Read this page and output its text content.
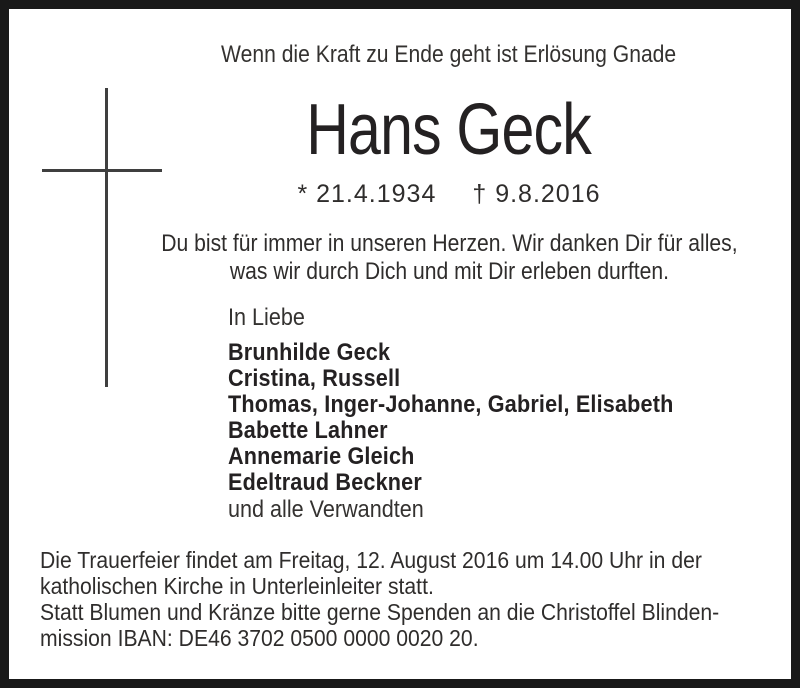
Wenn die Kraft zu Ende geht ist Erlösung Gnade
Hans Geck
* 21.4.1934 † 9.8.2016
Du bist für immer in unseren Herzen. Wir danken Dir für alles,
was wir durch Dich und mit Dir erleben durften.
In Liebe
Brunhilde Geck
Cristina, Russell
Thomas, Inger-Johanne, Gabriel, Elisabeth
Babette Lahner
Annemarie Gleich
Edeltraud Beckner
und alle Verwandten
Die Trauerfeier findet am Freitag, 12. August 2016 um 14.00 Uhr in der
katholischen Kirche in Unterleinleiter statt.
Statt Blumen und Kränze bitte gerne Spenden an die Christoffel Blinden-
mission IBAN: DE46 3702 0500 0000 0020 20.
